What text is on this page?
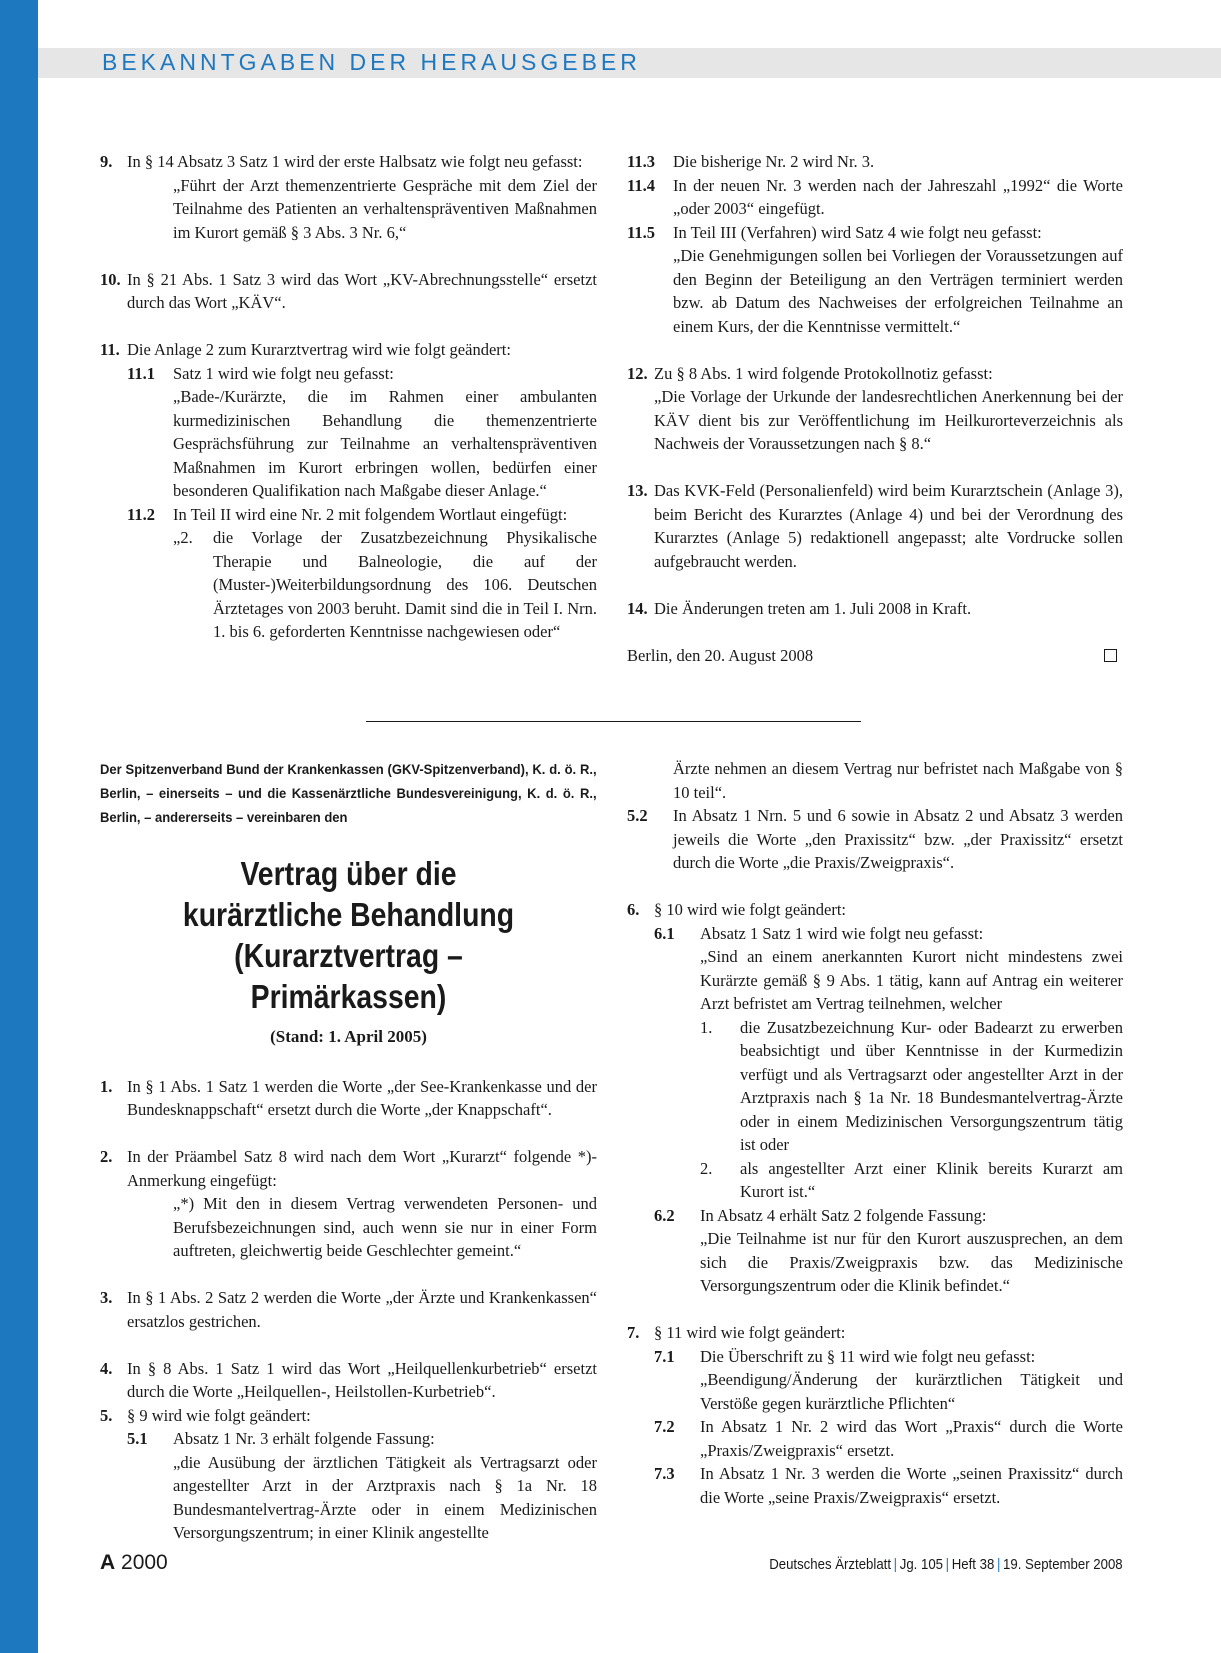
BEKANNTGABEN DER HERAUSGEBER
9. In § 14 Absatz 3 Satz 1 wird der erste Halbsatz wie folgt neu gefasst:
„Führt der Arzt themenzentrierte Gespräche mit dem Ziel der Teilnahme des Patienten an verhaltenspräventiven Maßnahmen im Kurort gemäß § 3 Abs. 3 Nr. 6,“
10. In § 21 Abs. 1 Satz 3 wird das Wort „KV-Abrechnungsstelle“ ersetzt durch das Wort „KÄV“.
11. Die Anlage 2 zum Kurarztvertrag wird wie folgt geändert:
11.1 Satz 1 wird wie folgt neu gefasst:
„Bade-/Kurärzte, die im Rahmen einer ambulanten kurmedizinischen Behandlung die themenzentrierte Gesprächsführung zur Teilnahme an verhaltenspräventiven Maßnahmen im Kurort erbringen wollen, bedürfen einer besonderen Qualifikation nach Maßgabe dieser Anlage.“
11.2 In Teil II wird eine Nr. 2 mit folgendem Wortlaut eingefügt:
„2. die Vorlage der Zusatzbezeichnung Physikalische Therapie und Balneologie, die auf der (Muster-)Weiterbildungsordnung des 106. Deutschen Ärztetages von 2003 beruht. Damit sind die in Teil I. Nrn. 1. bis 6. geforderten Kenntnisse nachgewiesen oder“
11.3 Die bisherige Nr. 2 wird Nr. 3.
11.4 In der neuen Nr. 3 werden nach der Jahreszahl „1992“ die Worte „oder 2003“ eingefügt.
11.5 In Teil III (Verfahren) wird Satz 4 wie folgt neu gefasst:
„Die Genehmigungen sollen bei Vorliegen der Voraussetzungen auf den Beginn der Beteiligung an den Verträgen terminiert werden bzw. ab Datum des Nachweises der erfolgreichen Teilnahme an einem Kurs, der die Kenntnisse vermittelt.“
12. Zu § 8 Abs. 1 wird folgende Protokollnotiz gefasst:
„Die Vorlage der Urkunde der landesrechtlichen Anerkennung bei der KÄV dient bis zur Veröffentlichung im Heilkurorteverzeichnis als Nachweis der Voraussetzungen nach § 8.“
13. Das KVK-Feld (Personalienfeld) wird beim Kurarztschein (Anlage 3), beim Bericht des Kurarztes (Anlage 4) und bei der Verordnung des Kurarztes (Anlage 5) redaktionell angepasst; alte Vordrucke sollen aufgebraucht werden.
14. Die Änderungen treten am 1. Juli 2008 in Kraft.
Berlin, den 20. August 2008
Der Spitzenverband Bund der Krankenkassen (GKV-Spitzenverband), K. d. ö. R., Berlin, – einerseits – und die Kassenärztliche Bundesvereinigung, K. d. ö. R., Berlin, – andererseits – vereinbaren den
Vertrag über die
kurärztliche Behandlung
(Kurarztvertrag – Primärkassen)
(Stand: 1. April 2005)
1. In § 1 Abs. 1 Satz 1 werden die Worte „der See-Krankenkasse und der Bundesknappschaft“ ersetzt durch die Worte „der Knappschaft“.
2. In der Präambel Satz 8 wird nach dem Wort „Kurarzt“ folgende *)-Anmerkung eingefügt:
„*) Mit den in diesem Vertrag verwendeten Personen- und Berufsbezeichnungen sind, auch wenn sie nur in einer Form auftreten, gleichwertig beide Geschlechter gemeint.“
3. In § 1 Abs. 2 Satz 2 werden die Worte „der Ärzte und Krankenkassen“ ersatzlos gestrichen.
4. In § 8 Abs. 1 Satz 1 wird das Wort „Heilquellenkurbetrieb“ ersetzt durch die Worte „Heilquellen-, Heilstollen-Kurbetrieb“.
5. § 9 wird wie folgt geändert:
5.1 Absatz 1 Nr. 3 erhält folgende Fassung:
„die Ausübung der ärztlichen Tätigkeit als Vertragsarzt oder angestellter Arzt in der Arztpraxis nach § 1a Nr. 18 Bundesmantelvertrag-Ärzte oder in einem Medizinischen Versorgungszentrum; in einer Klinik angestellte
Ärzte nehmen an diesem Vertrag nur befristet nach Maßgabe von § 10 teil“.
5.2 In Absatz 1 Nrn. 5 und 6 sowie in Absatz 2 und Absatz 3 werden jeweils die Worte „den Praxissitz“ bzw. „der Praxissitz“ ersetzt durch die Worte „die Praxis/Zweigpraxis“.
6. § 10 wird wie folgt geändert:
6.1 Absatz 1 Satz 1 wird wie folgt neu gefasst:
„Sind an einem anerkannten Kurort nicht mindestens zwei Kurärzte gemäß § 9 Abs. 1 tätig, kann auf Antrag ein weiterer Arzt befristet am Vertrag teilnehmen, welcher
1. die Zusatzbezeichnung Kur- oder Badearzt zu erwerben beabsichtigt und über Kenntnisse in der Kurmedizin verfügt und als Vertragsarzt oder angestellter Arzt in der Arztpraxis nach § 1a Nr. 18 Bundesmantelvertrag-Ärzte oder in einem Medizinischen Versorgungszentrum tätig ist oder
2. als angestellter Arzt einer Klinik bereits Kurarzt am Kurort ist.“
6.2 In Absatz 4 erhält Satz 2 folgende Fassung:
„Die Teilnahme ist nur für den Kurort auszusprechen, an dem sich die Praxis/Zweigpraxis bzw. das Medizinische Versorgungszentrum oder die Klinik befindet.“
7. § 11 wird wie folgt geändert:
7.1 Die Überschrift zu § 11 wird wie folgt neu gefasst:
„Beendigung/Änderung der kurärztlichen Tätigkeit und Verstöße gegen kurärztliche Pflichten“
7.2 In Absatz 1 Nr. 2 wird das Wort „Praxis“ durch die Worte „Praxis/Zweigpraxis“ ersetzt.
7.3 In Absatz 1 Nr. 3 werden die Worte „seinen Praxissitz“ durch die Worte „seine Praxis/Zweigpraxis“ ersetzt.
A 2000	Deutsches Ärzteblatt | Jg. 105 | Heft 38 | 19. September 2008
